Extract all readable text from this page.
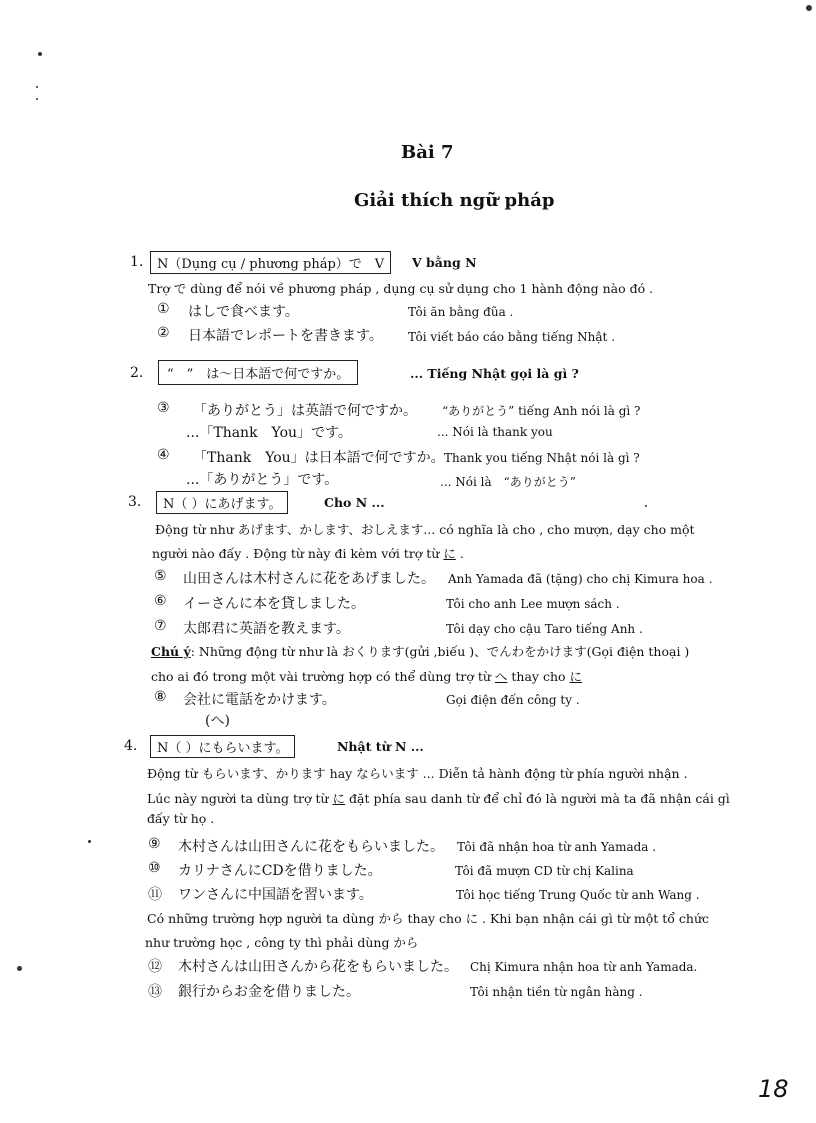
Bài 7
Giải thích ngữ pháp
1.	N（Dụng cụ / phương pháp）で　V	V bằng N
Trợ で dùng để nói về phương pháp , dụng cụ sử dụng cho 1 hành động nào đó .
① はしで食べます。	Tôi ăn bằng đũa .
② 日本語でレポートを書きます。 Tôi viết báo cáo bằng tiếng Nhật .
2.	“　”　は～日本語で何ですか。	... Tiếng Nhật gọi là gì ?
③ 「ありがとう」は英語で何ですか。 “ありがとう” tiếng Anh nói là gì ?
...「Thank　You」です。	... Nói là thank you
④ 「Thank　You」は日本語で何ですか。 Thank you tiếng Nhật nói là gì ?
...「ありがとう」です。	... Nói là　“ありがとう”
3.	N（ ）にあげます。	Cho N ...
Động từ như あげます、かします、おしえます... có nghĩa là cho , cho mượn, dạy cho một
người nào đấy . Động từ này đi kèm với trợ từ に .
⑤ 山田さんは木村さんに花をあげました。 Anh Yamada đã (tặng) cho chị Kimura hoa .
⑥ イーさんに本を貸しました。	Tôi cho anh Lee mượn sách .
⑦ 太郎君に英語を教えます。	Tôi dạy cho cậu Taro tiếng Anh .
Chú ý: Những động từ như là おくります(gửi ,biếu )、でんわをかけます(Gọi điện thoại )
cho ai đó trong một vài trường hợp có thể dùng trợ từ へ thay cho に
⑧ 会社に電話をかけます。	Gọi điện đến công ty .
(へ)
4.	N（ ）にもらいます。	Nhật từ N ...
Động từ もらいます、かります hay ならいます ... Diễn tả hành động từ phía người nhận .
Lúc này người ta dùng trợ từ に đặt phía sau danh từ để chỉ đó là người mà ta đã nhận cái gì
đấy từ họ .
⑨ 木村さんは山田さんに花をもらいました。 Tôi đã nhận hoa từ anh Yamada .
⑩ カリナさんにCDを借りました。	Tôi đã mượn CD từ chị Kalina
⑪ ワンさんに中国語を習います。	Tôi học tiếng Trung Quốc từ anh Wang .
Có những trường hợp người ta dùng から thay cho に . Khi bạn nhận cái gì từ một tổ chức
như trường học , công ty thì phải dùng から
⑫ 木村さんは山田さんから花をもらいました。 Chị Kimura nhận hoa từ anh Yamada.
⑬ 銀行からお金を借りました。	Tôi nhận tiền từ ngân hàng .
18
